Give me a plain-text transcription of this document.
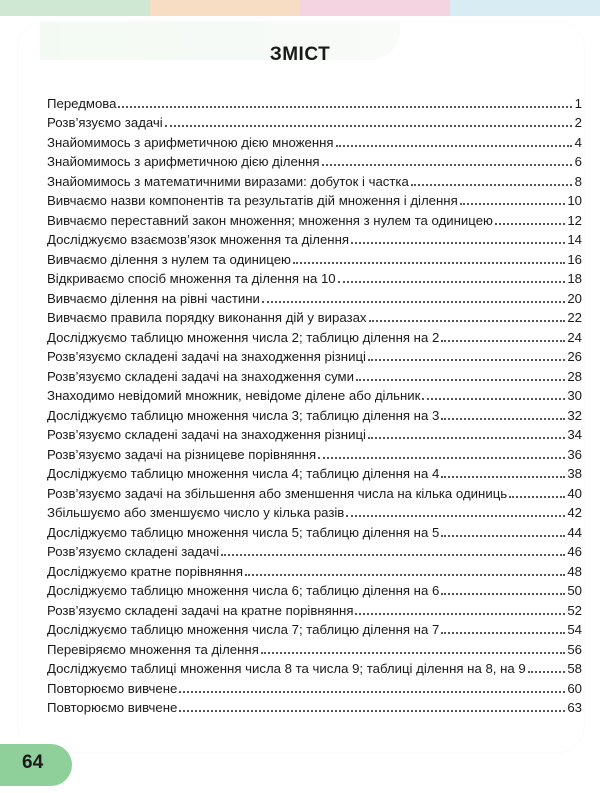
ЗМІСТ
Передмова	1
Розв’язуємо задачі	2
Знайомимось з арифметичною дією множення	4
Знайомимось з арифметичною дією ділення	6
Знайомимось з математичними виразами: добуток і частка	8
Вивчаємо назви компонентів та результатів дій множення і ділення	10
Вивчаємо переставний закон множення; множення з нулем та одиницею	12
Досліджуємо взаємозв’язок множення та ділення	14
Вивчаємо ділення з нулем та одиницею	16
Відкриваємо спосіб множення та ділення на 10	18
Вивчаємо ділення на рівні частини	20
Вивчаємо правила порядку виконання дій у виразах	22
Досліджуємо таблицю множення числа 2; таблицю ділення на 2	24
Розв’язуємо складені задачі на знаходження різниці	26
Розв’язуємо складені задачі на знаходження суми	28
Знаходимо невідомий множник, невідоме ділене або дільник	30
Досліджуємо таблицю множення числа 3; таблицю ділення на 3	32
Розв’язуємо складені задачі на знаходження різниці	34
Розв’язуємо задачі на різницеве порівняння	36
Досліджуємо таблицю множення числа 4; таблицю ділення на 4	38
Розв’язуємо задачі на збільшення або зменшення числа на кілька одиниць	40
Збільшуємо або зменшуємо число у кілька разів	42
Досліджуємо таблицю множення числа 5; таблицю ділення на 5	44
Розв’язуємо складені задачі	46
Досліджуємо кратне порівняння	48
Досліджуємо таблицю множення числа 6; таблицю ділення на 6	50
Розв’язуємо складені задачі на кратне порівняння	52
Досліджуємо таблицю множення числа 7; таблицю ділення на 7	54
Перевіряємо множення та ділення	56
Досліджуємо таблиці множення числа 8 та числа 9; таблиці ділення на 8, на 9	58
Повторюємо вивчене	60
Повторюємо вивчене	63
64
